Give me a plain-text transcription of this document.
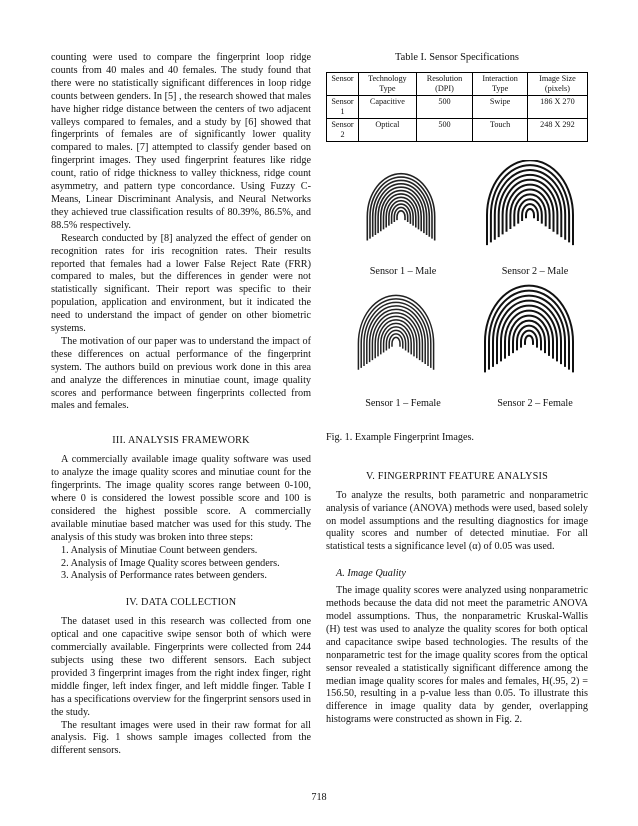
counting were used to compare the fingerprint loop ridge counts from 40 males and 40 females. The study found that there were no statistically significant differences in loop ridge counts between genders. In [5] , the research showed that males have higher ridge distance between the centers of two adjacent valleys compared to females, and a study by [6] showed that fingerprints of females are of significantly lower quality compared to males. [7] attempted to classify gender based on fingerprint images. They used fingerprint features like ridge count, ratio of ridge thickness to valley thickness, ridge count asymmetry, and pattern type concordance. Using Fuzzy C-Means, Linear Discriminant Analysis, and Neural Networks they achieved true classification results of 80.39%, 86.5%, and 88.5% respectively.

Research conducted by [8] analyzed the effect of gender on recognition rates for iris recognition rates. Their results reported that females had a lower False Reject Rate (FRR) compared to males, but the differences in gender were not statistically significant. Their report was specific to their population, application and environment, but it indicated the need to understand the impact of gender on other biometric systems.

The motivation of our paper was to understand the impact of these differences on actual performance of the fingerprint system. The authors build on previous work done in this area and analyze the differences in minutiae count, image quality scores and performance between fingerprints collected from males and females.

III. ANALYSIS FRAMEWORK

A commercially available image quality software was used to analyze the image quality scores and minutiae count for the fingerprints. The image quality scores range between 0-100, where 0 is considered the lowest possible score and 100 is considered the highest possible score. A commercially available minutiae based matcher was used for this study. The analysis of this study was broken into three steps:

1. Analysis of Minutiae Count between genders.
2. Analysis of Image Quality scores between genders.
3. Analysis of Performance rates between genders.
IV. DATA COLLECTION

The dataset used in this research was collected from one optical and one capacitive swipe sensor both of which were commercially available. Fingerprints were collected from 244 subjects using these two different sensors. Each subject provided 3 fingerprint images from the right index finger, right middle finger, left index finger, and left middle finger. Table I has a specifications overview for the fingerprint sensors used in the study.

The resultant images were used in their raw format for all analysis. Fig. 1 shows sample images collected from the different sensors.

Table I. Sensor Specifications
Sensor	Technology Type	Resolution (DPI)	Interaction Type	Image Size (pixels)
Sensor 1	Capacitive	500	Swipe	186 X 270
Sensor 2	Optical	500	Touch	248 X 292
Sensor 1 – Male	Sensor 2 – Male
Sensor 1 – Female	Sensor 2 – Female
Fig. 1. Example Fingerprint Images.
V. FINGERPRINT FEATURE ANALYSIS

To analyze the results, both parametric and nonparametric analysis of variance (ANOVA) methods were used, based solely on model assumptions and the resulting diagnostics for image quality scores and number of detected minutiae. For all statistical tests a significance level (α) of 0.05 was used.

A. Image Quality

The image quality scores were analyzed using nonparametric methods because the data did not meet the parametric ANOVA model assumptions. Thus, the nonparametric Kruskal-Wallis (H) test was used to analyze the quality scores for both optical and capacitance swipe based technologies. The results of the nonparametric test for the image quality scores from the optical sensor revealed a statistically significant difference among the median image quality scores for males and females, H(.95, 2) = 156.50, resulting in a p-value less than 0.05. To illustrate this difference in image quality data by gender, overlapping histograms were constructed as shown in Fig. 2.

718
